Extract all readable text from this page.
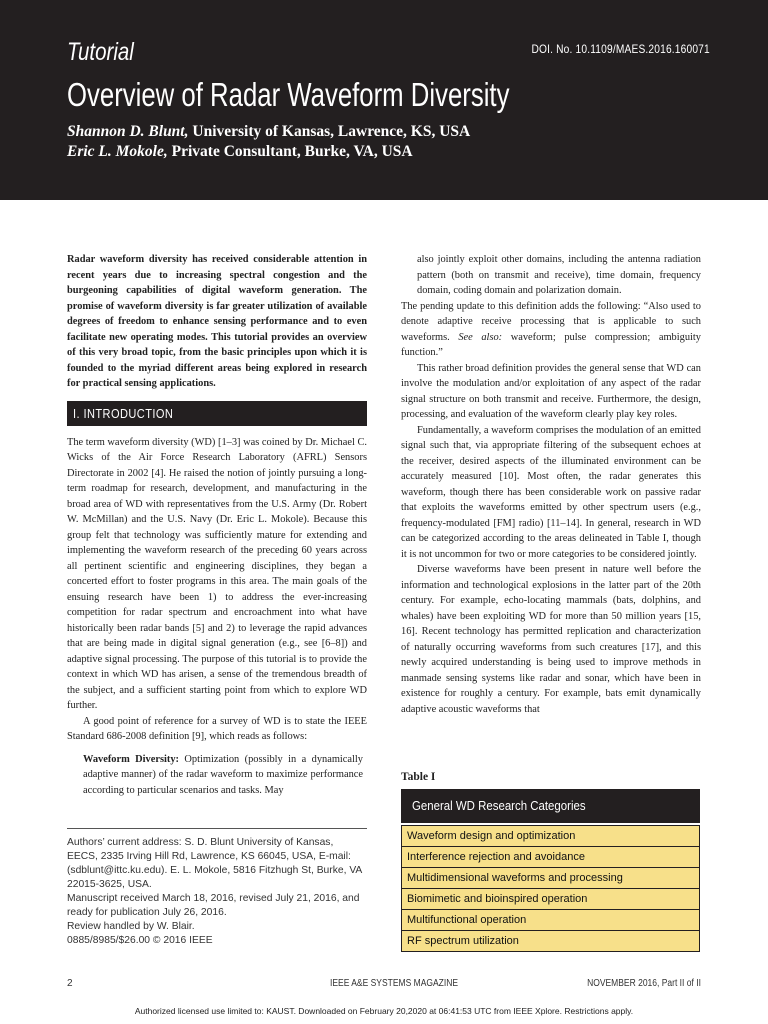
Tutorial	DOI. No. 10.1109/MAES.2016.160071
Overview of Radar Waveform Diversity
Shannon D. Blunt, University of Kansas, Lawrence, KS, USA
Eric L. Mokole, Private Consultant, Burke, VA, USA

Radar waveform diversity has received considerable attention in recent years due to increasing spectral congestion and the burgeoning capabilities of digital waveform generation. The promise of waveform diversity is far greater utilization of available degrees of freedom to enhance sensing performance and to even facilitate new operating modes. This tutorial provides an overview of this very broad topic, from the basic principles upon which it is founded to the myriad different areas being explored in research for practical sensing applications.

I. INTRODUCTION

The term waveform diversity (WD) [1–3] was coined by Dr. Michael C. Wicks of the Air Force Research Laboratory (AFRL) Sensors Directorate in 2002 [4]. He raised the notion of jointly pursuing a long-term roadmap for research, development, and manufacturing in the broad area of WD with representatives from the U.S. Army (Dr. Robert W. McMillan) and the U.S. Navy (Dr. Eric L. Mokole). Because this group felt that technology was sufficiently mature for extending and implementing the waveform research of the preceding 60 years across all pertinent scientific and engineering disciplines, they began a concerted effort to foster programs in this area. The main goals of the ensuing research have been 1) to address the ever-increasing competition for radar spectrum and encroachment into what have historically been radar bands [5] and 2) to leverage the rapid advances that are being made in digital signal generation (e.g., see [6–8]) and adaptive signal processing. The purpose of this tutorial is to provide the context in which WD has arisen, a sense of the tremendous breadth of the subject, and a sufficient starting point from which to explore WD further.

A good point of reference for a survey of WD is to state the IEEE Standard 686-2008 definition [9], which reads as follows:

Waveform Diversity: Optimization (possibly in a dynamically adaptive manner) of the radar waveform to maximize performance according to particular scenarios and tasks. May

Authors’ current address: S. D. Blunt University of Kansas, EECS, 2335 Irving Hill Rd, Lawrence, KS 66045, USA, E-mail: (sdblunt@ittc.ku.edu). E. L. Mokole, 5816 Fitzhugh St, Burke, VA 22015-3625, USA.
Manuscript received March 18, 2016, revised July 21, 2016, and ready for publication July 26, 2016.
Review handled by W. Blair.
0885/8985/$26.00 © 2016 IEEE

also jointly exploit other domains, including the antenna radiation pattern (both on transmit and receive), time domain, frequency domain, coding domain and polarization domain.

The pending update to this definition adds the following: “Also used to denote adaptive receive processing that is applicable to such waveforms. See also: waveform; pulse compression; ambiguity function.”

This rather broad definition provides the general sense that WD can involve the modulation and/or exploitation of any aspect of the radar signal structure on both transmit and receive. Furthermore, the design, processing, and evaluation of the waveform clearly play key roles.

Fundamentally, a waveform comprises the modulation of an emitted signal such that, via appropriate filtering of the subsequent echoes at the receiver, desired aspects of the illuminated environment can be accurately measured [10]. Most often, the radar generates this waveform, though there has been considerable work on passive radar that exploits the waveforms emitted by other spectrum users (e.g., frequency-modulated [FM] radio) [11–14]. In general, research in WD can be categorized according to the areas delineated in Table I, though it is not uncommon for two or more categories to be considered jointly.

Diverse waveforms have been present in nature well before the information and technological explosions in the latter part of the 20th century. For example, echo-locating mammals (bats, dolphins, and whales) have been exploiting WD for more than 50 million years [15, 16]. Recent technology has permitted replication and characterization of naturally occurring waveforms from such creatures [17], and this newly acquired understanding is being used to improve methods in manmade sensing systems like radar and sonar, which have been in existence for roughly a century. For example, bats emit dynamically adaptive acoustic waveforms that

Table I
General WD Research Categories
Waveform design and optimization
Interference rejection and avoidance
Multidimensional waveforms and processing
Biomimetic and bioinspired operation
Multifunctional operation
RF spectrum utilization
2	IEEE A&E SYSTEMS MAGAZINE	NOVEMBER 2016, Part II of II
Authorized licensed use limited to: KAUST. Downloaded on February 20,2020 at 06:41:53 UTC from IEEE Xplore. Restrictions apply.
